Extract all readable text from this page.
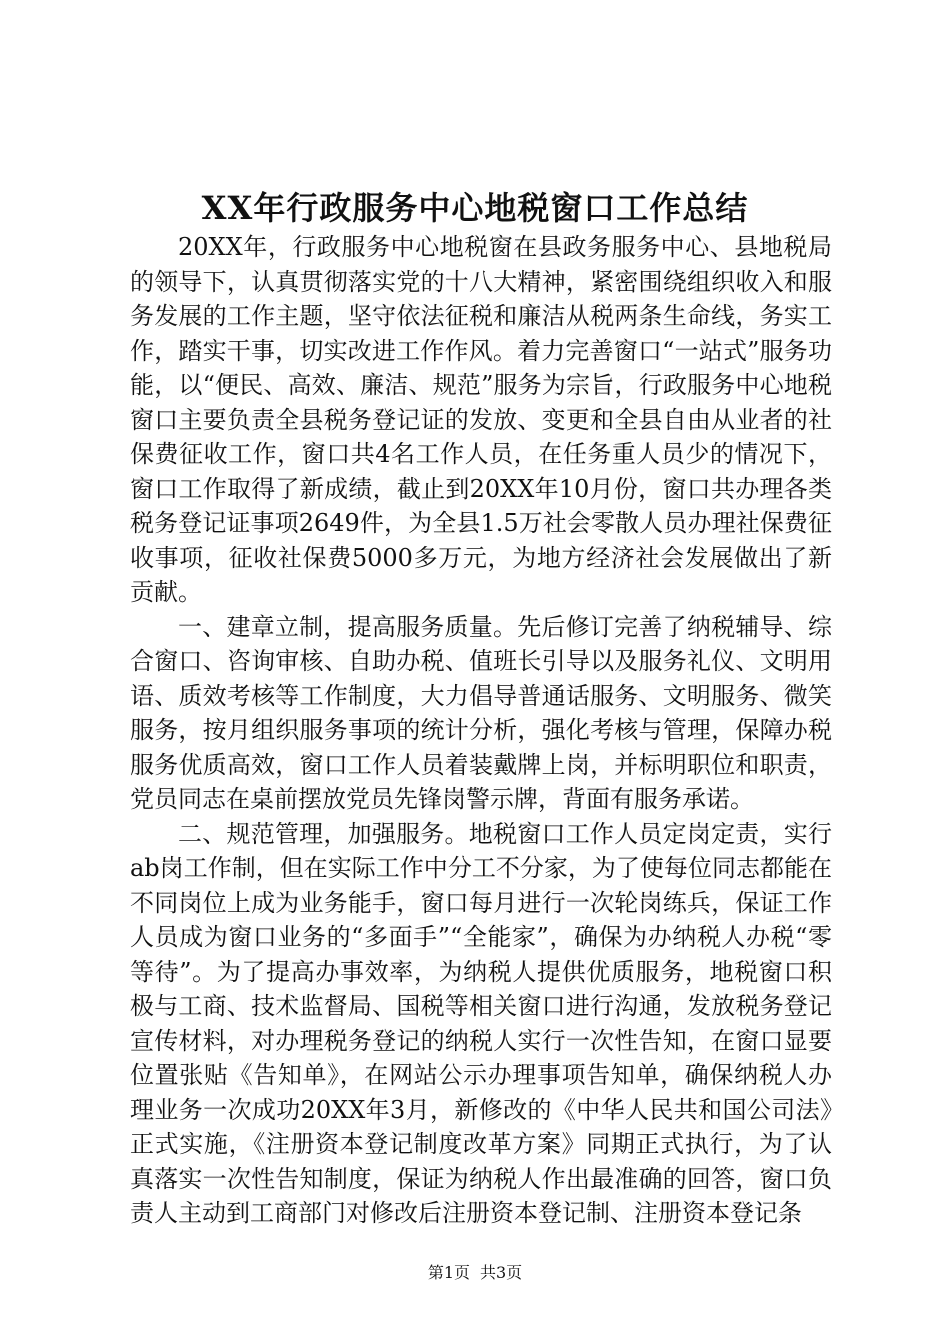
XX年行政服务中心地税窗口工作总结

20XX年，行政服务中心地税窗在县政务服务中心、县地税局的领导下，认真贯彻落实党的十八大精神，紧密围绕组织收入和服务发展的工作主题，坚守依法征税和廉洁从税两条生命线，务实工作，踏实干事，切实改进工作作风。着力完善窗口“一站式”服务功能，以“便民、高效、廉洁、规范”服务为宗旨，行政服务中心地税窗口主要负责全县税务登记证的发放、变更和全县自由从业者的社保费征收工作，窗口共4名工作人员，在任务重人员少的情况下，窗口工作取得了新成绩，截止到20XX年10月份，窗口共办理各类税务登记证事项2649件，为全县1.5万社会零散人员办理社保费征收事项，征收社保费5000多万元，为地方经济社会发展做出了新贡献。

一、建章立制，提高服务质量。先后修订完善了纳税辅导、综合窗口、咨询审核、自助办税、值班长引导以及服务礼仪、文明用语、质效考核等工作制度，大力倡导普通话服务、文明服务、微笑服务，按月组织服务事项的统计分析，强化考核与管理，保障办税服务优质高效，窗口工作人员着装戴牌上岗，并标明职位和职责，党员同志在桌前摆放党员先锋岗警示牌，背面有服务承诺。

二、规范管理，加强服务。地税窗口工作人员定岗定责，实行ab岗工作制，但在实际工作中分工不分家，为了使每位同志都能在不同岗位上成为业务能手，窗口每月进行一次轮岗练兵，保证工作人员成为窗口业务的“多面手”“全能家”，确保为办纳税人办税“零等待”。为了提高办事效率，为纳税人提供优质服务，地税窗口积极与工商、技术监督局、国税等相关窗口进行沟通，发放税务登记宣传材料，对办理税务登记的纳税人实行一次性告知，在窗口显要位置张贴《告知单》，在网站公示办理事项告知单，确保纳税人办理业务一次成功20XX年3月，新修改的《中华人民共和国公司法》正式实施，《注册资本登记制度改革方案》同期正式执行，为了认真落实一次性告知制度，保证为纳税人作出最准确的回答，窗口负责人主动到工商部门对修改后注册资本登记制、注册资本登记条

第1页 共3页
